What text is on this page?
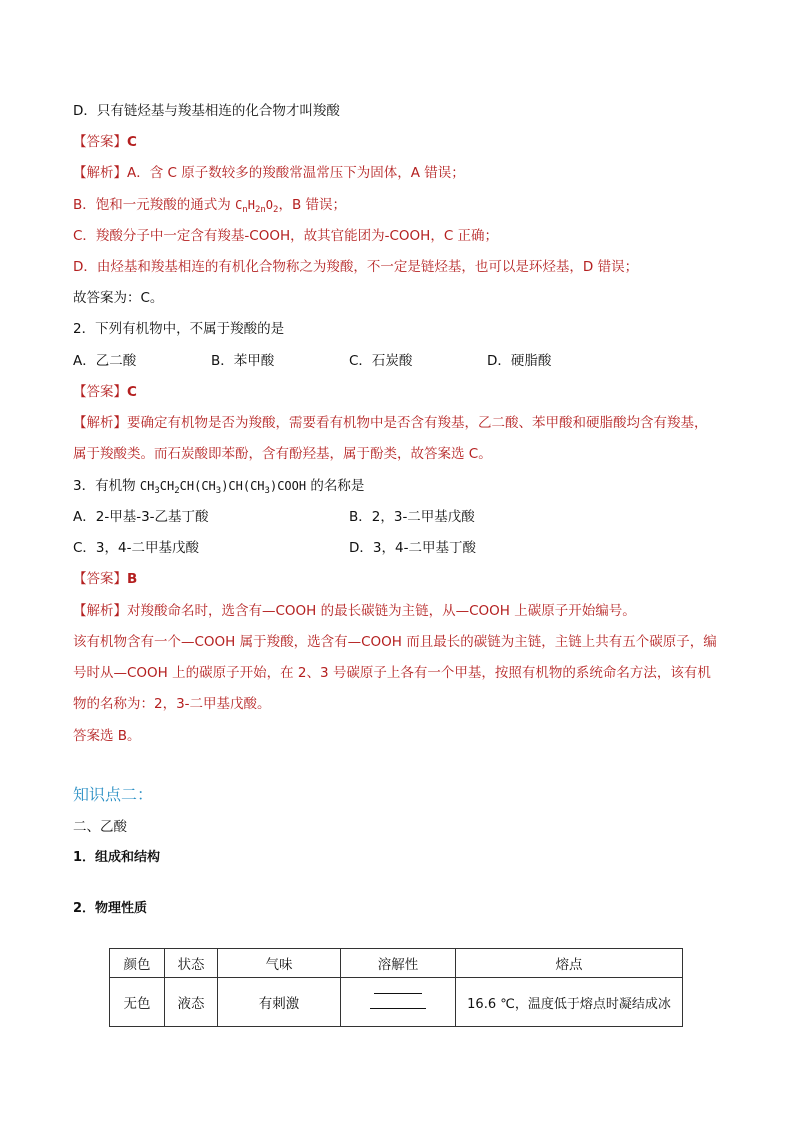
D．只有链烃基与羧基相连的化合物才叫羧酸
【答案】C
【解析】A．含 C 原子数较多的羧酸常温常压下为固体，A 错误；
B．饱和一元羧酸的通式为 $C_nH_{2n}O_2$，B 错误；
C．羧酸分子中一定含有羧基-COOH，故其官能团为-COOH，C 正确；
D．由烃基和羧基相连的有机化合物称之为羧酸，不一定是链烃基，也可以是环烃基，D 错误；
故答案为：C。
2．下列有机物中，不属于羧酸的是
A．乙二酸	B．苯甲酸	C．石炭酸	D．硬脂酸
【答案】C
【解析】要确定有机物是否为羧酸，需要看有机物中是否含有羧基，乙二酸、苯甲酸和硬脂酸均含有羧基，
属于羧酸类。而石炭酸即苯酚，含有酚羟基，属于酚类，故答案选 C。
3．有机物 $CH_3CH_2CH(CH_3)CH(CH_3)COOH$ 的名称是
A．2-甲基-3-乙基丁酸	B．2，3-二甲基戊酸
C．3，4-二甲基戊酸	D．3，4-二甲基丁酸
【答案】B
【解析】对羧酸命名时，选含有—COOH 的最长碳链为主链，从—COOH 上碳原子开始编号。
该有机物含有一个—COOH 属于羧酸，选含有—COOH 而且最长的碳链为主链，主链上共有五个碳原子，编
号时从—COOH 上的碳原子开始，在 2、3 号碳原子上各有一个甲基，按照有机物的系统命名方法，该有机
物的名称为：2，3-二甲基戊酸。
答案选 B。
知识点二：
二、乙酸
1．组成和结构
2．物理性质
颜色	状态	气味	溶解性	熔点
无色	液态	有刺激		16.6 ℃，温度低于熔点时凝结成冰
